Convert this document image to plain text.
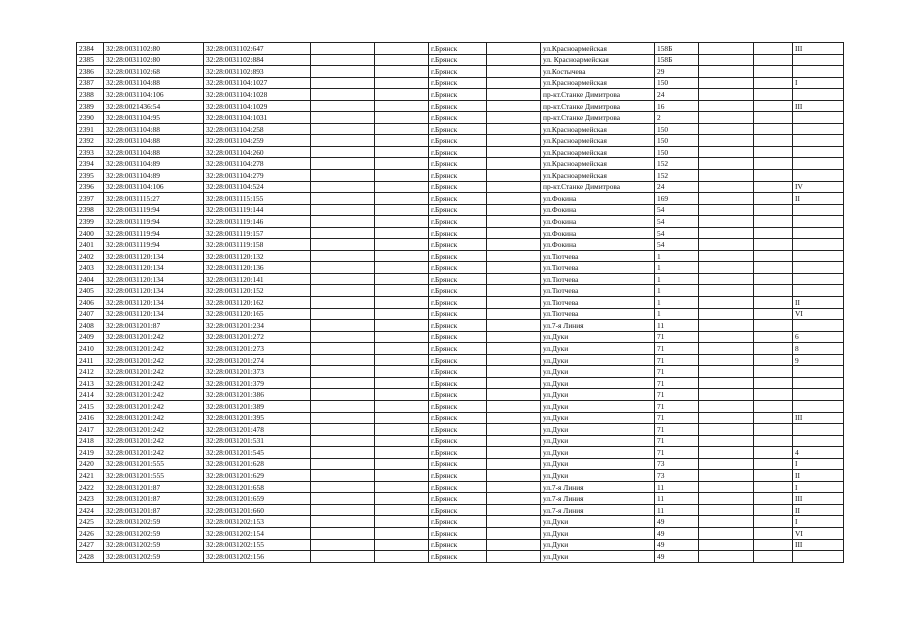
2384	32:28:0031102:80	32:28:0031102:647			г.Брянск		ул.Красноармейская	158Б			III
2385	32:28:0031102:80	32:28:0031102:884			г.Брянск		ул. Красноармейская	158Б			
2386	32:28:0031102:68	32:28:0031102:893			г.Брянск		ул.Костычева	29			
2387	32:28:0031104:88	32:28:0031104:1027			г.Брянск		ул.Красноармейская	150			I
2388	32:28:0031104:106	32:28:0031104:1028			г.Брянск		пр-кт.Станке Димитрова	24			
2389	32:28:0021436:54	32:28:0031104:1029			г.Брянск		пр-кт.Станке Димитрова	16			III
2390	32:28:0031104:95	32:28:0031104:1031			г.Брянск		пр-кт.Станке Димитрова	2			
2391	32:28:0031104:88	32:28:0031104:258			г.Брянск		ул.Красноармейская	150			
2392	32:28:0031104:88	32:28:0031104:259			г.Брянск		ул.Красноармейская	150			
2393	32:28:0031104:88	32:28:0031104:260			г.Брянск		ул.Красноармейская	150			
2394	32:28:0031104:89	32:28:0031104:278			г.Брянск		ул.Красноармейская	152			
2395	32:28:0031104:89	32:28:0031104:279			г.Брянск		ул.Красноармейская	152			
2396	32:28:0031104:106	32:28:0031104:524			г.Брянск		пр-кт.Станке Димитрова	24			IV
2397	32:28:0031115:27	32:28:0031115:155			г.Брянск		ул.Фокина	169			II
2398	32:28:0031119:94	32:28:0031119:144			г.Брянск		ул.Фокина	54			
2399	32:28:0031119:94	32:28:0031119:146			г.Брянск		ул.Фокина	54			
2400	32:28:0031119:94	32:28:0031119:157			г.Брянск		ул.Фокина	54			
2401	32:28:0031119:94	32:28:0031119:158			г.Брянск		ул.Фокина	54			
2402	32:28:0031120:134	32:28:0031120:132			г.Брянск		ул.Тютчева	1			
2403	32:28:0031120:134	32:28:0031120:136			г.Брянск		ул.Тютчева	1			
2404	32:28:0031120:134	32:28:0031120:141			г.Брянск		ул.Тютчева	1			
2405	32:28:0031120:134	32:28:0031120:152			г.Брянск		ул.Тютчева	1			
2406	32:28:0031120:134	32:28:0031120:162			г.Брянск		ул.Тютчева	1			II
2407	32:28:0031120:134	32:28:0031120:165			г.Брянск		ул.Тютчева	1			VI
2408	32:28:0031201:87	32:28:0031201:234			г.Брянск		ул.7-я Линия	11			
2409	32:28:0031201:242	32:28:0031201:272			г.Брянск		ул.Дуки	71			6
2410	32:28:0031201:242	32:28:0031201:273			г.Брянск		ул.Дуки	71			8
2411	32:28:0031201:242	32:28:0031201:274			г.Брянск		ул.Дуки	71			9
2412	32:28:0031201:242	32:28:0031201:373			г.Брянск		ул.Дуки	71			
2413	32:28:0031201:242	32:28:0031201:379			г.Брянск		ул.Дуки	71			
2414	32:28:0031201:242	32:28:0031201:386			г.Брянск		ул.Дуки	71			
2415	32:28:0031201:242	32:28:0031201:389			г.Брянск		ул.Дуки	71			
2416	32:28:0031201:242	32:28:0031201:395			г.Брянск		ул.Дуки	71			III
2417	32:28:0031201:242	32:28:0031201:478			г.Брянск		ул.Дуки	71			
2418	32:28:0031201:242	32:28:0031201:531			г.Брянск		ул.Дуки	71			
2419	32:28:0031201:242	32:28:0031201:545			г.Брянск		ул.Дуки	71			4
2420	32:28:0031201:555	32:28:0031201:628			г.Брянск		ул.Дуки	73			I
2421	32:28:0031201:555	32:28:0031201:629			г.Брянск		ул.Дуки	73			II
2422	32:28:0031201:87	32:28:0031201:658			г.Брянск		ул.7-я Линия	11			I
2423	32:28:0031201:87	32:28:0031201:659			г.Брянск		ул.7-я Линия	11			III
2424	32:28:0031201:87	32:28:0031201:660			г.Брянск		ул.7-я Линия	11			II
2425	32:28:0031202:59	32:28:0031202:153			г.Брянск		ул.Дуки	49			I
2426	32:28:0031202:59	32:28:0031202:154			г.Брянск		ул.Дуки	49			VI
2427	32:28:0031202:59	32:28:0031202:155			г.Брянск		ул.Дуки	49			III
2428	32:28:0031202:59	32:28:0031202:156			г.Брянск		ул.Дуки	49			
